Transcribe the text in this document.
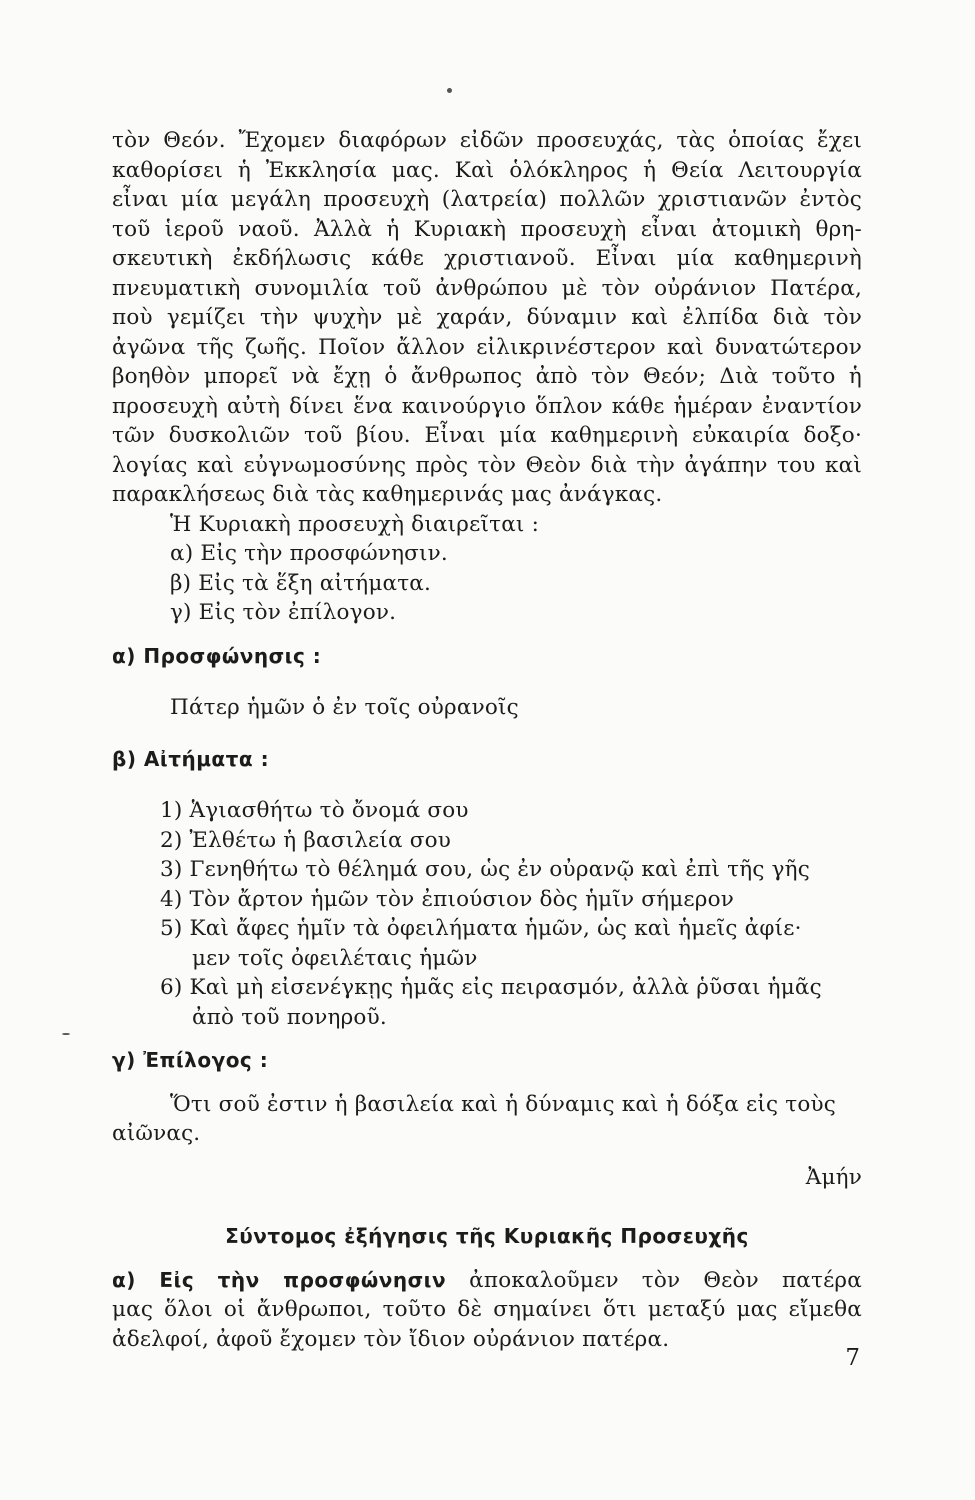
τὸν Θεόν. Ἔχομεν διαφόρων εἰδῶν προσευχάς, τὰς ὁποίας ἔχει
καθορίσει ἡ Ἐκκλησία μας. Καὶ ὁλόκληρος ἡ Θεία Λειτουργία
εἶναι μία μεγάλη προσευχὴ (λατρεία) πολλῶν χριστιανῶν ἐντὸς
τοῦ ἱεροῦ ναοῦ. Ἀλλὰ ἡ Κυριακὴ προσευχὴ εἶναι ἀτομικὴ θρη-
σκευτικὴ ἐκδήλωσις κάθε χριστιανοῦ. Εἶναι μία καθημερινὴ
πνευματικὴ συνομιλία τοῦ ἀνθρώπου μὲ τὸν οὐράνιον Πατέρα,
ποὺ γεμίζει τὴν ψυχὴν μὲ χαράν, δύναμιν καὶ ἐλπίδα διὰ τὸν
ἀγῶνα τῆς ζωῆς. Ποῖον ἄλλον εἰλικρινέστερον καὶ δυνατώτερον
βοηθὸν μπορεῖ νὰ ἔχῃ ὁ ἄνθρωπος ἀπὸ τὸν Θεόν; Διὰ τοῦτο ἡ
προσευχὴ αὐτὴ δίνει ἕνα καινούργιο ὅπλον κάθε ἡμέραν ἐναντίον
τῶν δυσκολιῶν τοῦ βίου. Εἶναι μία καθημερινὴ εὐκαιρία δοξο·
λογίας καὶ εὐγνωμοσύνης πρὸς τὸν Θεὸν διὰ τὴν ἀγάπην του καὶ
παρακλήσεως διὰ τὰς καθημερινάς μας ἀνάγκας.
Ἡ Κυριακὴ προσευχὴ διαιρεῖται :
α) Εἰς τὴν προσφώνησιν.
β) Εἰς τὰ ἕξη αἰτήματα.
γ) Εἰς τὸν ἐπίλογον.
α) Προσφώνησις :
Πάτερ ἡμῶν ὁ ἐν τοῖς οὐρανοῖς
β) Αἰτήματα :
1) Ἁγιασθήτω τὸ ὄνομά σου
2) Ἐλθέτω ἡ βασιλεία σου
3) Γενηθήτω τὸ θέλημά σου, ὡς ἐν οὐρανῷ καὶ ἐπὶ τῆς γῆς
4) Τὸν ἄρτον ἡμῶν τὸν ἐπιούσιον δὸς ἡμῖν σήμερον
5) Καὶ ἄφες ἡμῖν τὰ ὀφειλήματα ἡμῶν, ὡς καὶ ἡμεῖς ἀφίε·
μεν τοῖς ὀφειλέταις ἡμῶν
6) Καὶ μὴ εἰσενέγκῃς ἡμᾶς εἰς πειρασμόν, ἀλλὰ ῥῦσαι ἡμᾶς
ἀπὸ τοῦ πονηροῦ.
γ) Ἐπίλογος :
Ὅτι σοῦ ἐστιν ἡ βασιλεία καὶ ἡ δύναμις καὶ ἡ δόξα εἰς τοὺς
αἰῶνας.
Ἀμήν
Σύντομος ἐξήγησις τῆς Κυριακῆς Προσευχῆς
α) Εἰς τὴν προσφώνησιν ἀποκαλοῦμεν τὸν Θεὸν πατέρα
μας ὅλοι οἱ ἄνθρωποι, τοῦτο δὲ σημαίνει ὅτι μεταξύ μας εἴμεθα
ἀδελφοί, ἀφοῦ ἔχομεν τὸν ἴδιον οὐράνιον πατέρα.
7
